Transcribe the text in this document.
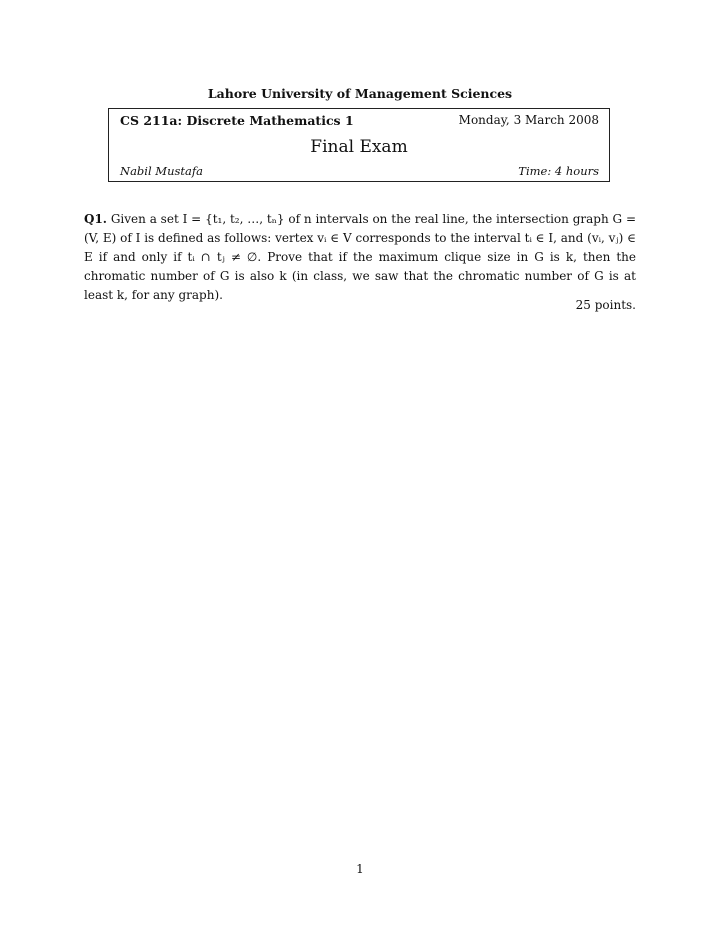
Lahore University of Management Sciences
CS 211a: Discrete Mathematics 1	Monday, 3 March 2008
Final Exam
Nabil Mustafa	Time: 4 hours
Q1. Given a set I = {t₁, t₂, …, tₙ} of n intervals on the real line, the intersection graph G = (V, E) of I is defined as follows: vertex vᵢ ∈ V corresponds to the interval tᵢ ∈ I, and (vᵢ, vⱼ) ∈ E if and only if tᵢ ∩ tⱼ ≠ ∅. Prove that if the maximum clique size in G is k, then the chromatic number of G is also k (in class, we saw that the chromatic number of G is at least k, for any graph).
25 points.
1
